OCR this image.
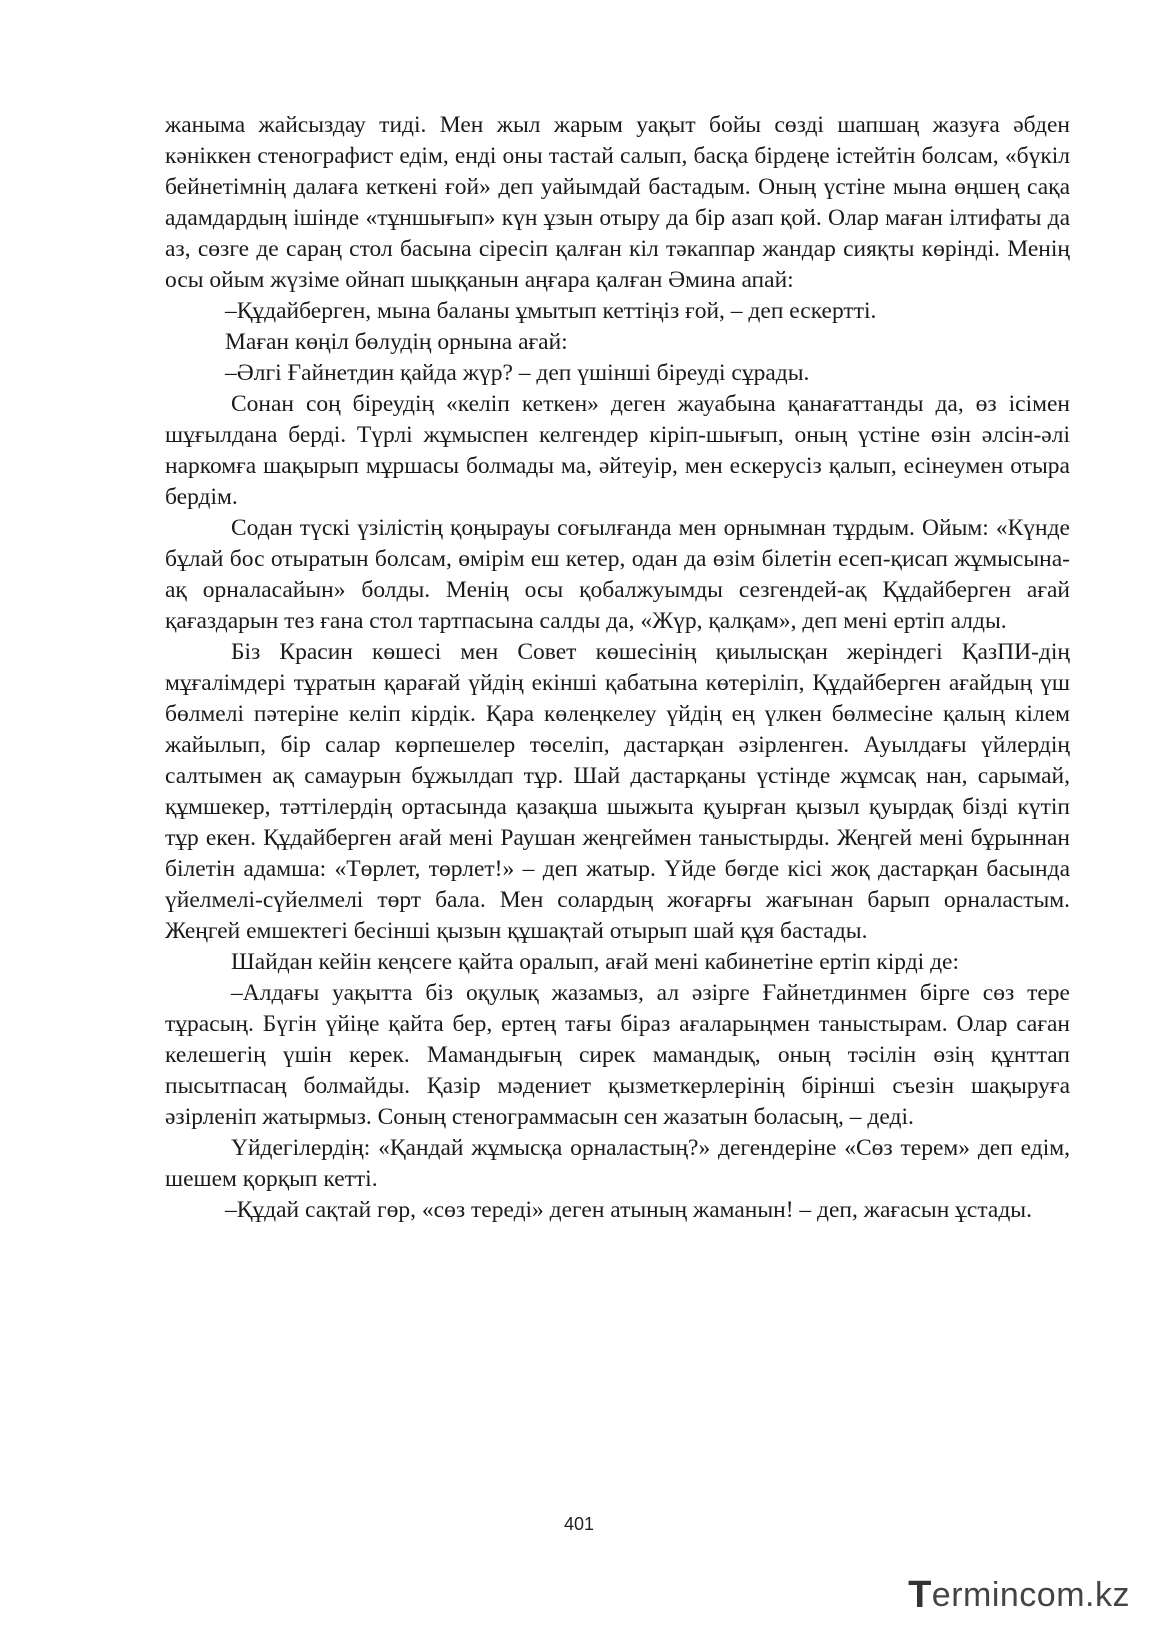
жаныма жайсыздау тиді. Мен жыл жарым уақыт бойы сөзді шапшаң жазуға әбден кәніккен стенографист едім, енді оны тастай салып, басқа бірдеңе істейтін болсам, «бүкіл бейнетімнің далаға кеткені ғой» деп уайымдай бастадым. Оның үстіне мына өңшең сақа адамдардың ішінде «тұншығып» күн ұзын отыру да бір азап қой. Олар маған ілтифаты да аз, сөзге де сараң стол басына сіресіп қалған кіл тәкаппар жандар сияқты көрінді. Менің осы ойым жүзіме ойнап шыққанын аңғара қалған Әмина апай:

–Құдайберген, мына баланы ұмытып кеттіңіз ғой, – деп ескертті.

Маған көңіл бөлудің орнына ағай:

–Әлгі Ғайнетдин қайда жүр? – деп үшінші біреуді сұрады.

Сонан соң біреудің «келіп кеткен» деген жауабына қанағаттанды да, өз ісімен шұғылдана берді. Түрлі жұмыспен келгендер кіріп-шығып, оның үстіне өзін әлсін-әлі наркомға шақырып мұршасы болмады ма, әйтеуір, мен ескерусіз қалып, есінеумен отыра бердім.

Содан түскі үзілістің қоңырауы соғылғанда мен орнымнан тұрдым. Ойым: «Күнде бұлай бос отыратын болсам, өмірім еш кетер, одан да өзім білетін есеп-қисап жұмысына-ақ орналасайын» болды. Менің осы қобалжуымды сезгендей-ақ Құдайберген ағай қағаздарын тез ғана стол тартпасына салды да, «Жүр, қалқам», деп мені ертіп алды.

Біз Красин көшесі мен Совет көшесінің қиылысқан жеріндегі ҚазПИ-дің мұғалімдері тұратын қарағай үйдің екінші қабатына көтеріліп, Құдайберген ағайдың үш бөлмелі пәтеріне келіп кірдік. Қара көлеңкелеу үйдің ең үлкен бөлмесіне қалың кілем жайылып, бір салар көрпешелер төселіп, дастарқан әзірленген. Ауылдағы үйлердің салтымен ақ самаурын бұжылдап тұр. Шай дастарқаны үстінде жұмсақ нан, сарымай, құмшекер, тәттілердің ортасында қазақша шыжыта қуырған қызыл қуырдақ бізді күтіп тұр екен. Құдайберген ағай мені Раушан жеңгеймен таныстырды. Жеңгей мені бұрыннан білетін адамша: «Төрлет, төрлет!» – деп жатыр. Үйде бөгде кісі жоқ дастарқан басында үйелмелі-сүйелмелі төрт бала. Мен солардың жоғарғы жағынан барып орналастым. Жеңгей емшектегі бесінші қызын құшақтай отырып шай құя бастады.

Шайдан кейін кеңсеге қайта оралып, ағай мені кабинетіне ертіп кірді де:

–Алдағы уақытта біз оқулық жазамыз, ал әзірге Ғайнетдинмен бірге сөз тере тұрасың. Бүгін үйіңе қайта бер, ертең тағы біраз ағаларыңмен таныстырам. Олар саған келешегің үшін керек. Мамандығың сирек мамандық, оның тәсілін өзің құнттап пысытпасаң болмайды. Қазір мәдениет қызметкерлерінің бірінші съезін шақыруға әзірленіп жатырмыз. Соның стенограммасын сен жазатын боласың, – деді.

Үйдегілердің: «Қандай жұмысқа орналастың?» дегендеріне «Сөз терем» деп едім, шешем қорқып кетті.

–Құдай сақтай гөр, «сөз тереді» деген атының жаманын! – деп, жағасын ұстады.

401
T ermincо m.kz
